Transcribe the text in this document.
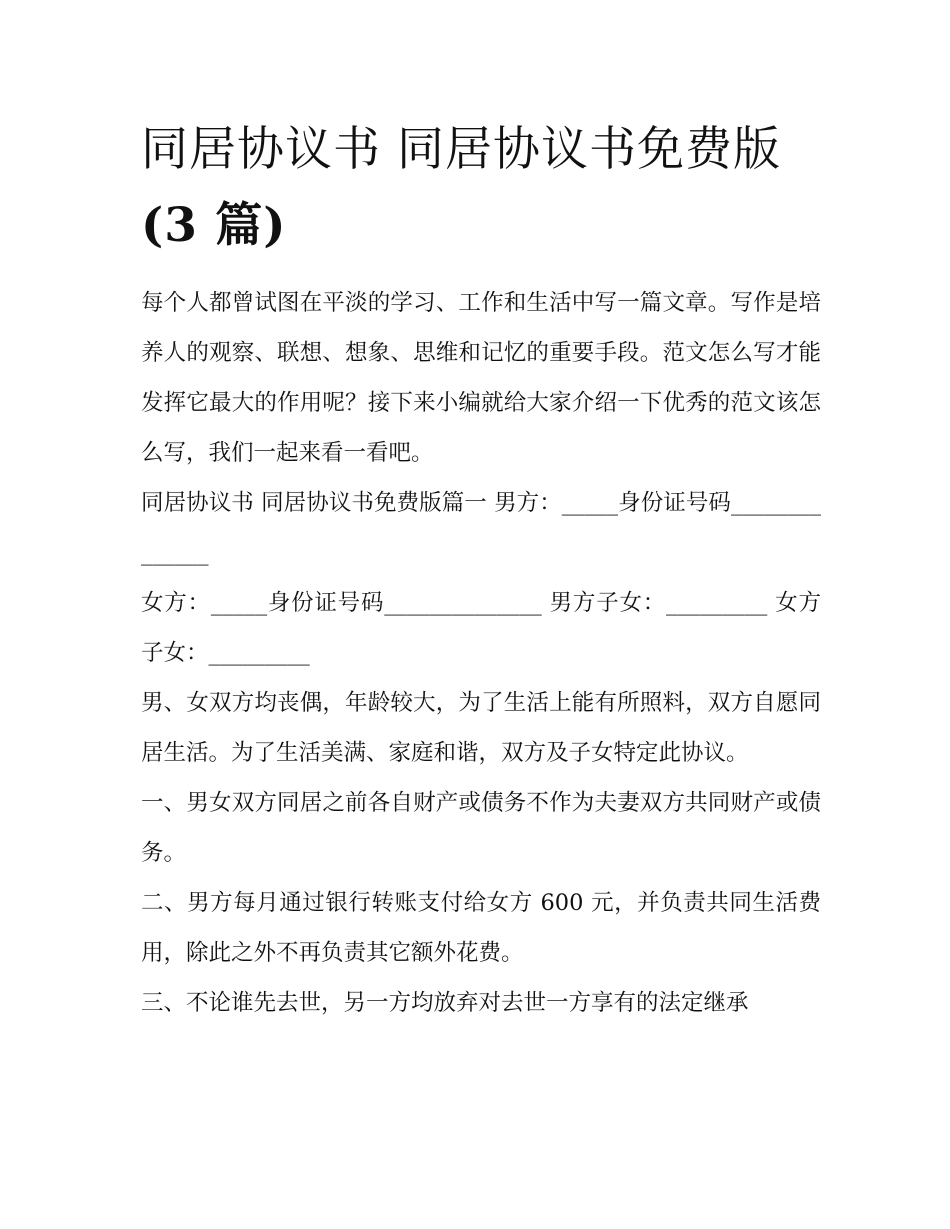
同居协议书 同居协议书免费版
(3 篇)

每个人都曾试图在平淡的学习、工作和生活中写一篇文章。写作是培养人的观察、联想、想象、思维和记忆的重要手段。范文怎么写才能发挥它最大的作用呢？接下来小编就给大家介绍一下优秀的范文该怎么写，我们一起来看一看吧。

同居协议书 同居协议书免费版篇一 男方：_____身份证号码______________

女方：_____身份证号码______________ 男方子女：_________ 女方子女：_________

男、女双方均丧偶，年龄较大，为了生活上能有所照料，双方自愿同居生活。为了生活美满、家庭和谐，双方及子女特定此协议。

一、男女双方同居之前各自财产或债务不作为夫妻双方共同财产或债务。

二、男方每月通过银行转账支付给女方 600 元，并负责共同生活费用，除此之外不再负责其它额外花费。

三、不论谁先去世，另一方均放弃对去世一方享有的法定继承
